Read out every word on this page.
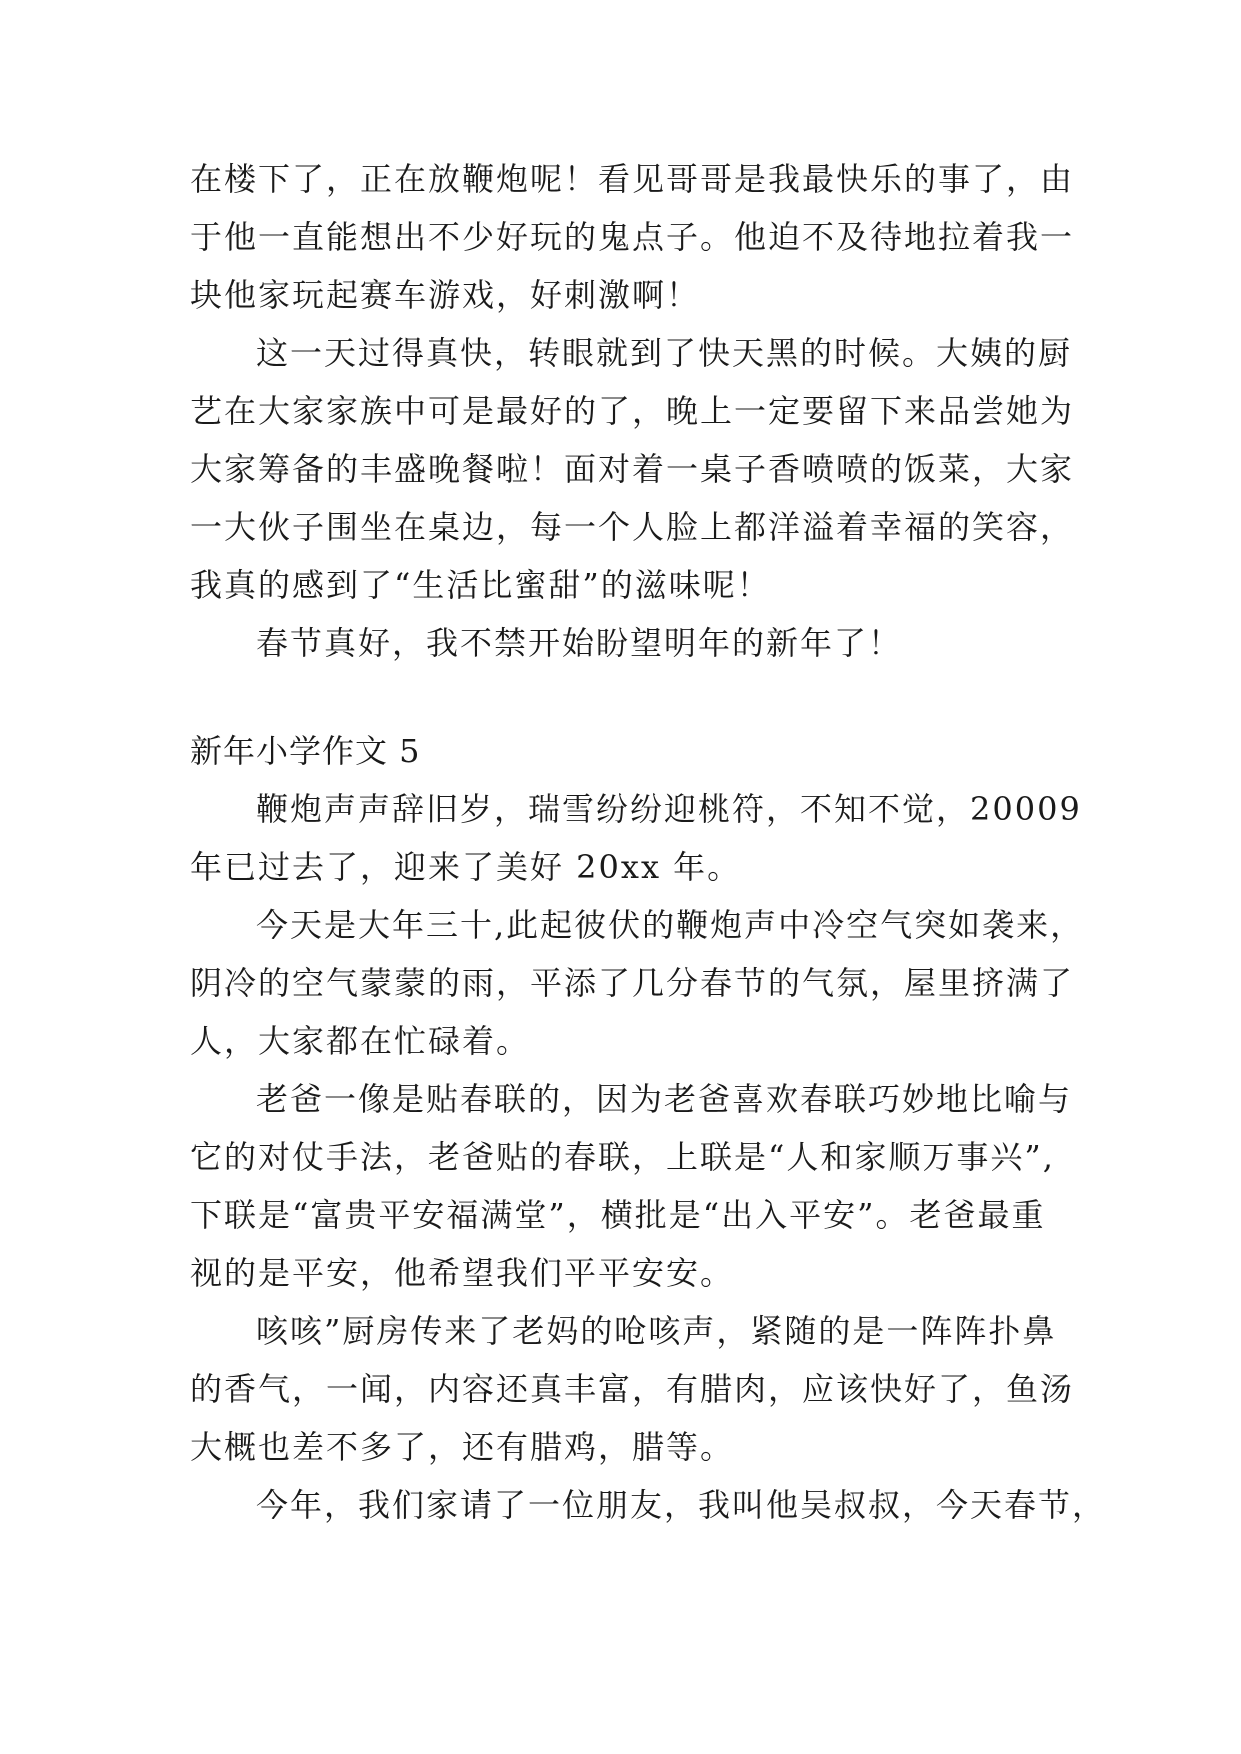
在楼下了，正在放鞭炮呢！看见哥哥是我最快乐的事了，由
于他一直能想出不少好玩的鬼点子。他迫不及待地拉着我一
块他家玩起赛车游戏，好刺激啊！
这一天过得真快，转眼就到了快天黑的时候。大姨的厨
艺在大家家族中可是最好的了，晚上一定要留下来品尝她为
大家筹备的丰盛晚餐啦！面对着一桌子香喷喷的饭菜，大家
一大伙子围坐在桌边，每一个人脸上都洋溢着幸福的笑容，
我真的感到了“生活比蜜甜”的滋味呢！
春节真好，我不禁开始盼望明年的新年了！
新年小学作文 5
鞭炮声声辞旧岁，瑞雪纷纷迎桃符，不知不觉，20009
年已过去了，迎来了美好 20xx 年。
今天是大年三十,此起彼伏的鞭炮声中冷空气突如袭来，
阴冷的空气蒙蒙的雨，平添了几分春节的气氛，屋里挤满了
人，大家都在忙碌着。
老爸一像是贴春联的，因为老爸喜欢春联巧妙地比喻与
它的对仗手法，老爸贴的春联，上联是“人和家顺万事兴”,
下联是“富贵平安福满堂”，横批是“出入平安”。老爸最重
视的是平安，他希望我们平平安安。
咳咳”厨房传来了老妈的呛咳声，紧随的是一阵阵扑鼻
的香气，一闻，内容还真丰富，有腊肉，应该快好了，鱼汤
大概也差不多了，还有腊鸡，腊等。
今年，我们家请了一位朋友，我叫他吴叔叔，今天春节，
